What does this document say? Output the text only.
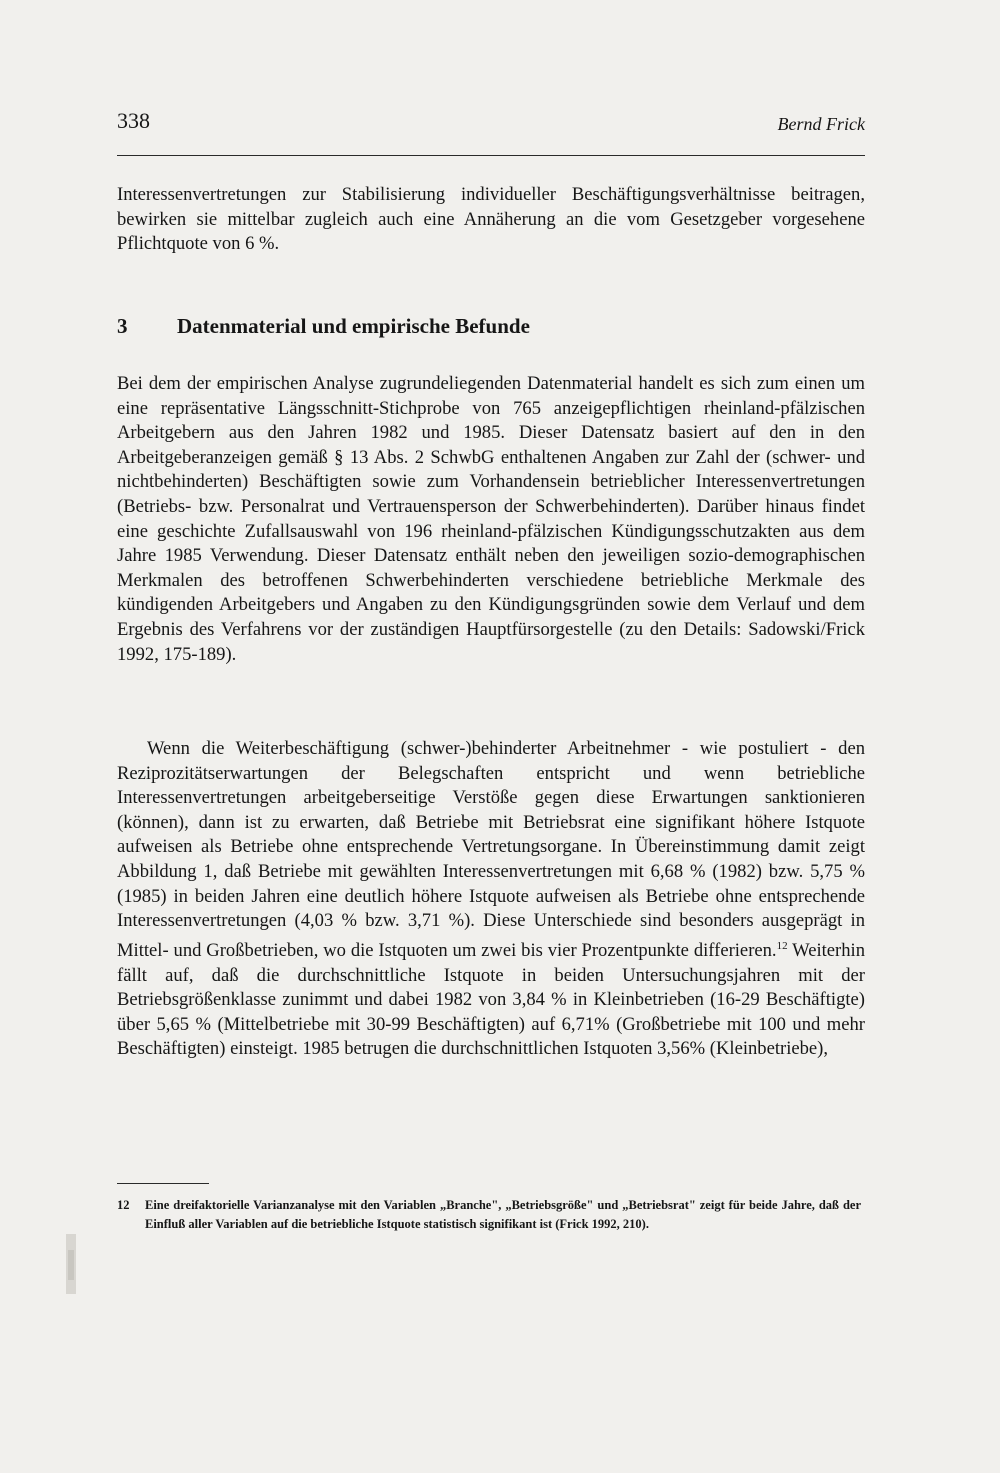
338	Bernd Frick

Interessenvertretungen zur Stabilisierung individueller Beschäftigungsverhältnisse beitragen, bewirken sie mittelbar zugleich auch eine Annäherung an die vom Gesetzgeber vorgesehene Pflichtquote von 6 %.

3 Datenmaterial und empirische Befunde

Bei dem der empirischen Analyse zugrundeliegenden Datenmaterial handelt es sich zum einen um eine repräsentative Längsschnitt-Stichprobe von 765 anzeigepflichtigen rheinland-pfälzischen Arbeitgebern aus den Jahren 1982 und 1985. Dieser Datensatz basiert auf den in den Arbeitgeberanzeigen gemäß § 13 Abs. 2 SchwbG enthaltenen Angaben zur Zahl der (schwer- und nichtbehinderten) Beschäftigten sowie zum Vorhandensein betrieblicher Interessenvertretungen (Betriebs- bzw. Personalrat und Vertrauensperson der Schwerbehinderten). Darüber hinaus findet eine geschichte Zufallsauswahl von 196 rheinland-pfälzischen Kündigungsschutzakten aus dem Jahre 1985 Verwendung. Dieser Datensatz enthält neben den jeweiligen sozio-demographischen Merkmalen des betroffenen Schwerbehinderten verschiedene betriebliche Merkmale des kündigenden Arbeitgebers und Angaben zu den Kündigungsgründen sowie dem Verlauf und dem Ergebnis des Verfahrens vor der zuständigen Hauptfürsorgestelle (zu den Details: Sadowski/Frick 1992, 175-189).

Wenn die Weiterbeschäftigung (schwer-)behinderter Arbeitnehmer - wie postuliert - den Reziprozitätserwartungen der Belegschaften entspricht und wenn betriebliche Interessenvertretungen arbeitgeberseitige Verstöße gegen diese Erwartungen sanktionieren (können), dann ist zu erwarten, daß Betriebe mit Betriebsrat eine signifikant höhere Istquote aufweisen als Betriebe ohne entsprechende Vertretungsorgane. In Übereinstimmung damit zeigt Abbildung 1, daß Betriebe mit gewählten Interessenvertretungen mit 6,68 % (1982) bzw. 5,75 % (1985) in beiden Jahren eine deutlich höhere Istquote aufweisen als Betriebe ohne entsprechende Interessenvertretungen (4,03 % bzw. 3,71 %). Diese Unterschiede sind besonders ausgeprägt in Mittel- und Großbetrieben, wo die Istquoten um zwei bis vier Prozentpunkte differieren.$^{12}$ Weiterhin fällt auf, daß die durchschnittliche Istquote in beiden Untersuchungsjahren mit der Betriebsgrößenklasse zunimmt und dabei 1982 von 3,84 % in Kleinbetrieben (16-29 Beschäftigte) über 5,65 % (Mittelbetriebe mit 30-99 Beschäftigten) auf 6,71% (Großbetriebe mit 100 und mehr Beschäftigten) einsteigt. 1985 betrugen die durchschnittlichen Istquoten 3,56% (Kleinbetriebe),

12 Eine dreifaktorielle Varianzanalyse mit den Variablen „Branche", „Betriebsgröße" und „Betriebsrat" zeigt für beide Jahre, daß der Einfluß aller Variablen auf die betriebliche Istquote statistisch signifikant ist (Frick 1992, 210).
